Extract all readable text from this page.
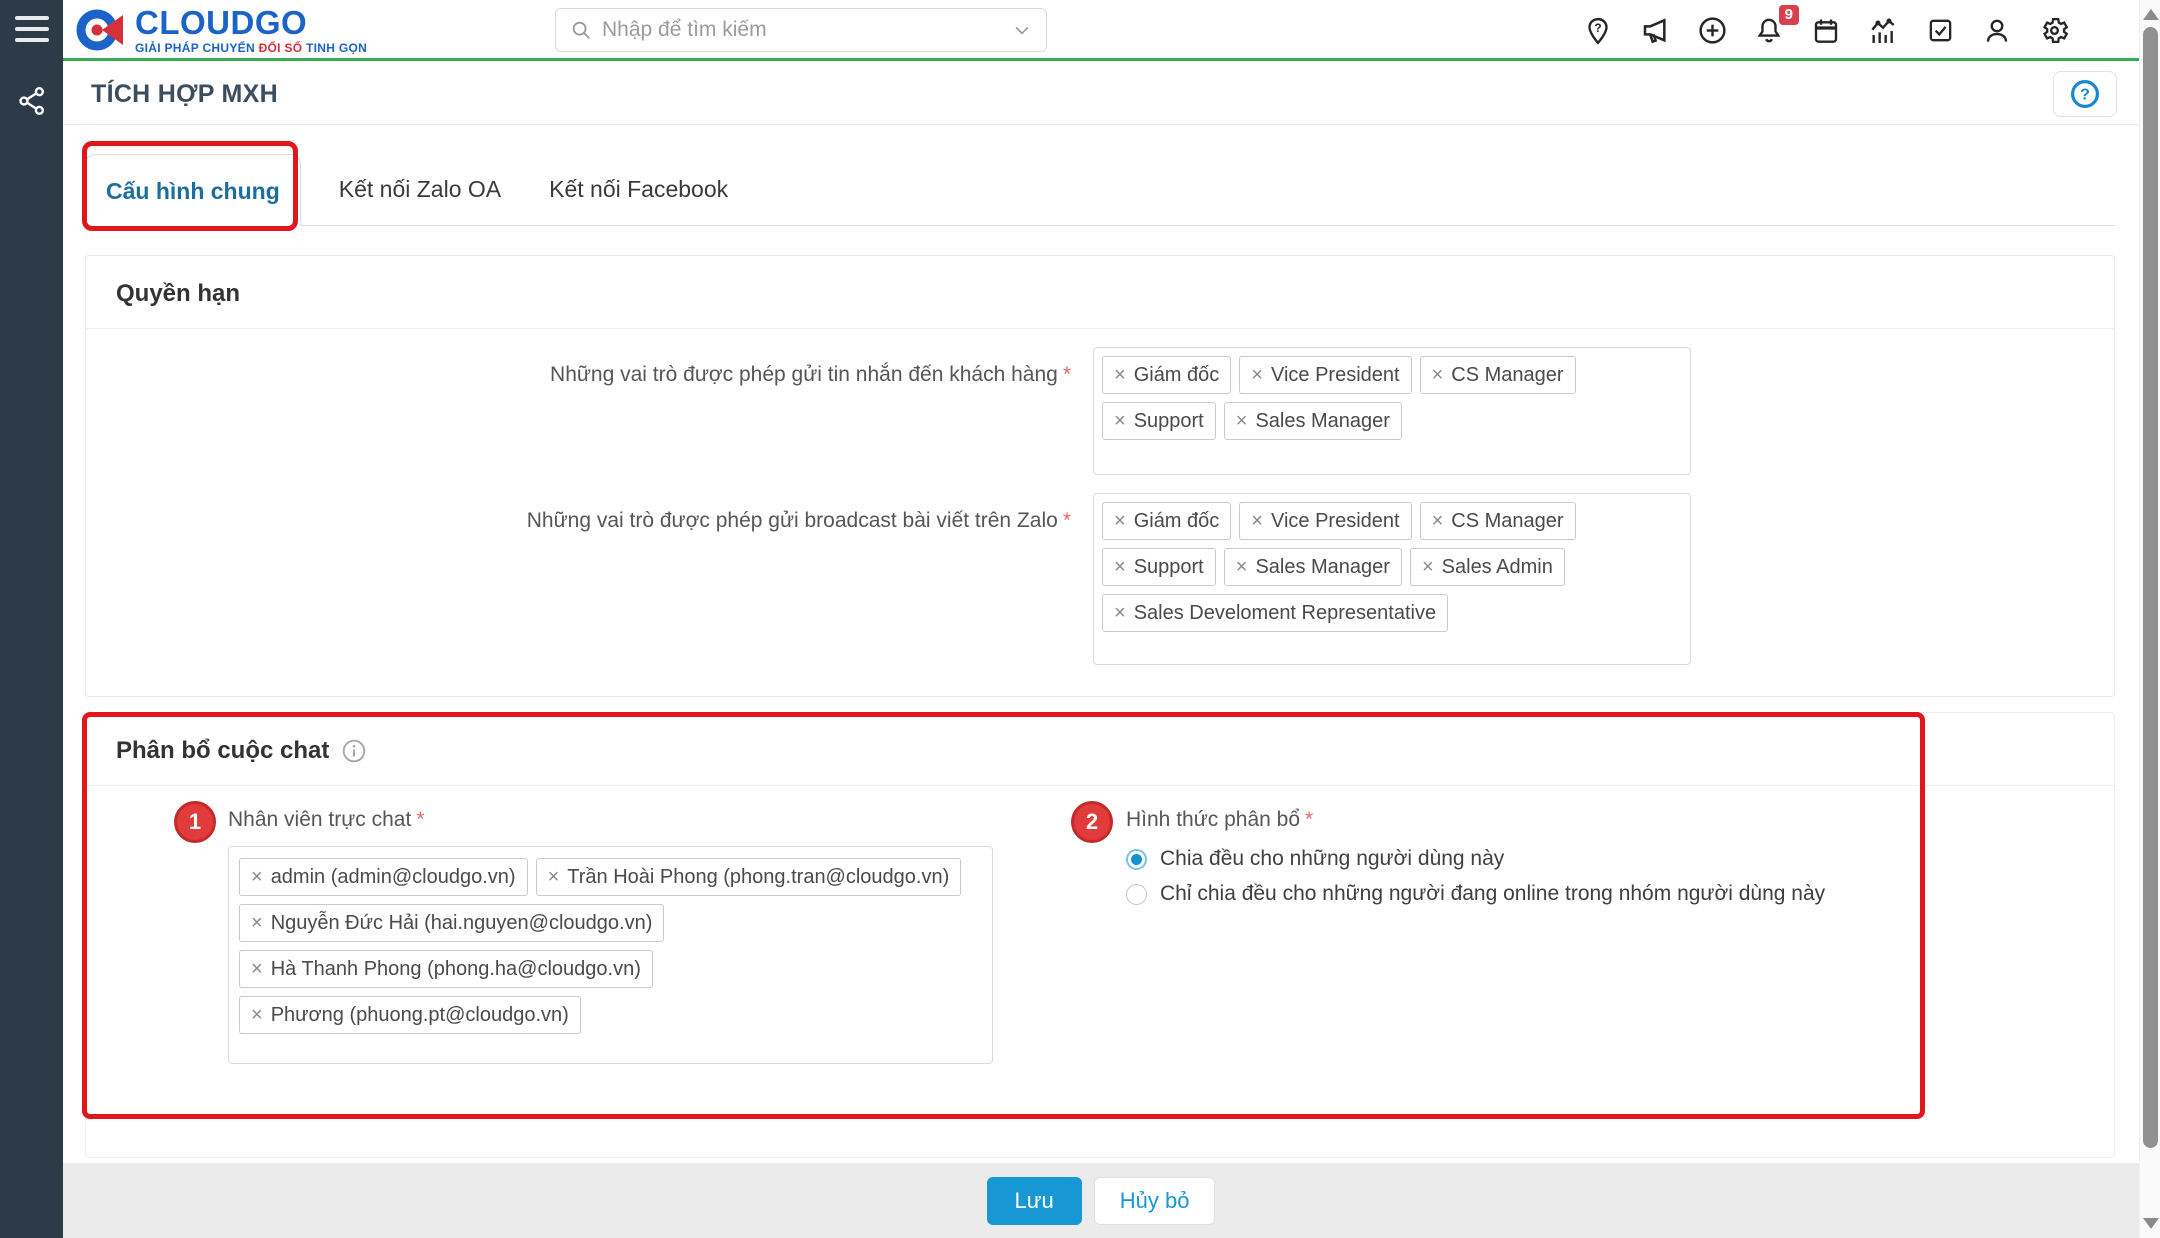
CLOUDGO
GIẢI PHÁP CHUYỂN ĐỔI SỐ TINH GỌN
Nhập để tìm kiếm
?
9
TÍCH HỢP MXH	?
Cấu hình chung	Kết nối Zalo OA	Kết nối Facebook
Quyền hạn
Những vai trò được phép gửi tin nhắn đến khách hàng * × Giám đốc × Vice President × CS Manager
× Support × Sales Manager
Những vai trò được phép gửi broadcast bài viết trên Zalo * × Giám đốc × Vice President × CS Manager
× Support × Sales Manager × Sales Admin
× Sales Develoment Representative
Phân bổ cuộc chat
1	Nhân viên trực chat *
× admin (admin@cloudgo.vn) × Trần Hoài Phong (phong.tran@cloudgo.vn)
× Nguyễn Đức Hải (hai.nguyen@cloudgo.vn)
× Hà Thanh Phong (phong.ha@cloudgo.vn)
× Phương (phuong.pt@cloudgo.vn)
2	Hình thức phân bổ *
Chia đều cho những người dùng này
Chỉ chia đều cho những người đang online trong nhóm người dùng này
Lưu	Hủy bỏ
